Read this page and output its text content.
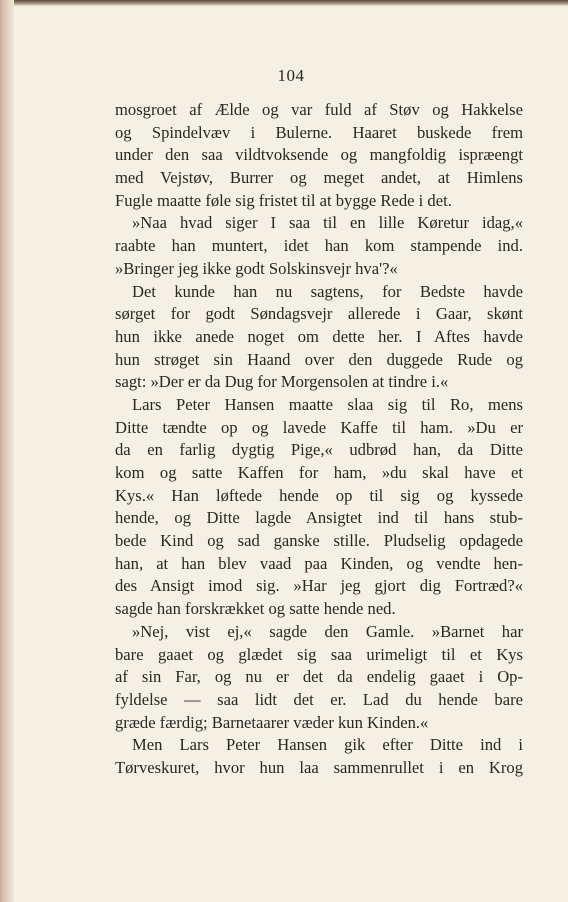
104
mosgroet af Ælde og var fuld af Støv og Hakkelse
og Spindelvæv i Bulerne. Haaret buskede frem
under den saa vildtvoksende og mangfoldig ispræengt
med Vejstøv, Burrer og meget andet, at Himlens
Fugle maatte føle sig fristet til at bygge Rede i det.
»Naa hvad siger I saa til en lille Køretur idag,«
raabte han muntert, idet han kom stampende ind.
»Bringer jeg ikke godt Solskinsvejr hva'?«
Det kunde han nu sagtens, for Bedste havde
sørget for godt Søndagsvejr allerede i Gaar, skønt
hun ikke anede noget om dette her. I Aftes havde
hun strøget sin Haand over den duggede Rude og
sagt: »Der er da Dug for Morgensolen at tindre i.«
Lars Peter Hansen maatte slaa sig til Ro, mens
Ditte tændte op og lavede Kaffe til ham. »Du er
da en farlig dygtig Pige,« udbrød han, da Ditte
kom og satte Kaffen for ham, »du skal have et
Kys.« Han løftede hende op til sig og kyssede
hende, og Ditte lagde Ansigtet ind til hans stub-
bede Kind og sad ganske stille. Pludselig opdagede
han, at han blev vaad paa Kinden, og vendte hen-
des Ansigt imod sig. »Har jeg gjort dig Fortræd?«
sagde han forskrækket og satte hende ned.
»Nej, vist ej,« sagde den Gamle. »Barnet har
bare gaaet og glædet sig saa urimeligt til et Kys
af sin Far, og nu er det da endelig gaaet i Op-
fyldelse — saa lidt det er. Lad du hende bare
græde færdig; Barnetaarer væder kun Kinden.«
Men Lars Peter Hansen gik efter Ditte ind i
Tørveskuret, hvor hun laa sammenrullet i en Krog
